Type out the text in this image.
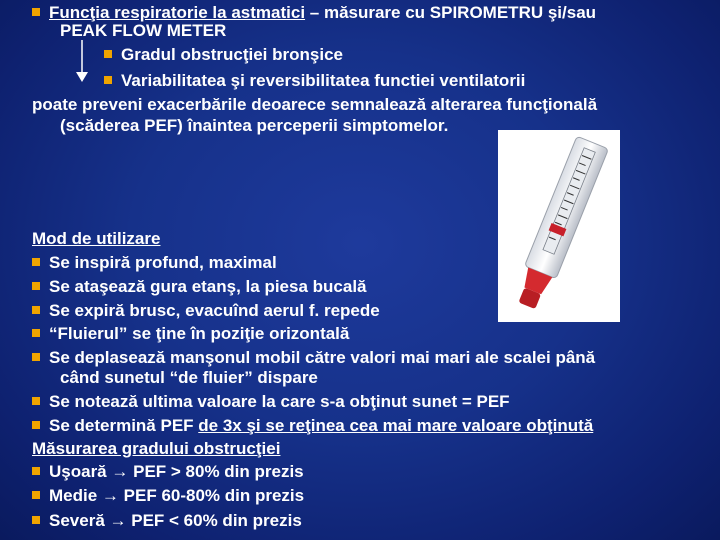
Funcţia respiratorie la astmatici – măsurare cu SPIROMETRU şi/sau
PEAK FLOW METER
Gradul obstrucţiei bronşice
Variabilitatea şi reversibilitatea functiei ventilatorii
poate preveni exacerbările deoarece semnalează alterarea funcţională
(scăderea PEF) înaintea perceperii simptomelor.
Mod de utilizare
Se inspiră profund, maximal
Se ataşează gura etanş, la piesa bucală
Se expiră brusc, evacuînd aerul f. repede
“Fluierul” se ţine în poziţie orizontală
Se deplasează manşonul mobil către valori mai mari ale scalei până
când sunetul “de fluier” dispare
Se notează ultima valoare la care s-a obţinut sunet = PEF
Se determină PEF de 3x şi se reţinea cea mai mare valoare obţinută
Măsurarea gradului obstrucţiei
Uşoară → PEF > 80% din prezis
Medie → PEF 60-80% din prezis
Severă → PEF < 60% din prezis
